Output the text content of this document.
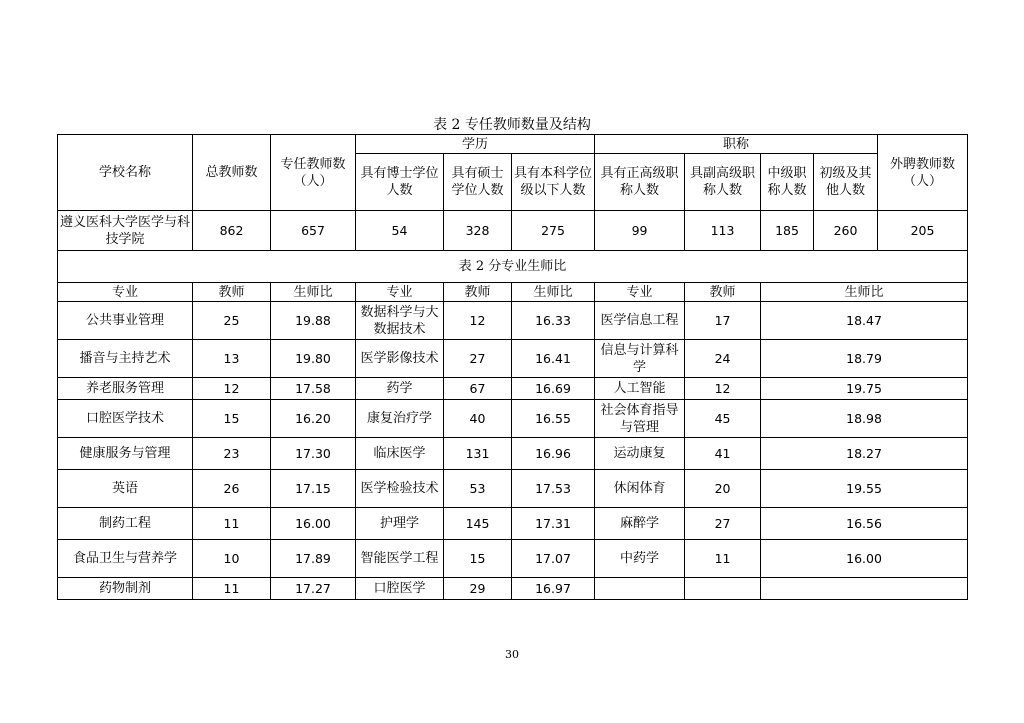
表 2 专任教师数量及结构
学校名称	总教师数	专任教师数（人）	学历			职称				外聘教师数（人）
			具有博士学位人数	具有硕士学位人数	具有本科学位级以下人数	具有正高级职称人数	具副高级职称人数	中级职称人数	初级及其他人数	
遵义医科大学医学与科技学院	862	657	54	328	275	99	113	185	260	205
表 2 分专业生师比										
专业	教师	生师比	专业	教师	生师比	专业	教师	生师比		
公共事业管理	25	19.88	数据科学与大数据技术	12	16.33	医学信息工程	17	18.47		
播音与主持艺术	13	19.80	医学影像技术	27	16.41	信息与计算科学	24	18.79		
养老服务管理	12	17.58	药学	67	16.69	人工智能	12	19.75		
口腔医学技术	15	16.20	康复治疗学	40	16.55	社会体育指导与管理	45	18.98		
健康服务与管理	23	17.30	临床医学	131	16.96	运动康复	41	18.27		
英语	26	17.15	医学检验技术	53	17.53	休闲体育	20	19.55		
制药工程	11	16.00	护理学	145	17.31	麻醉学	27	16.56		
食品卫生与营养学	10	17.89	智能医学工程	15	17.07	中药学	11	16.00		
药物制剂	11	17.27	口腔医学	29	16.97					
30
